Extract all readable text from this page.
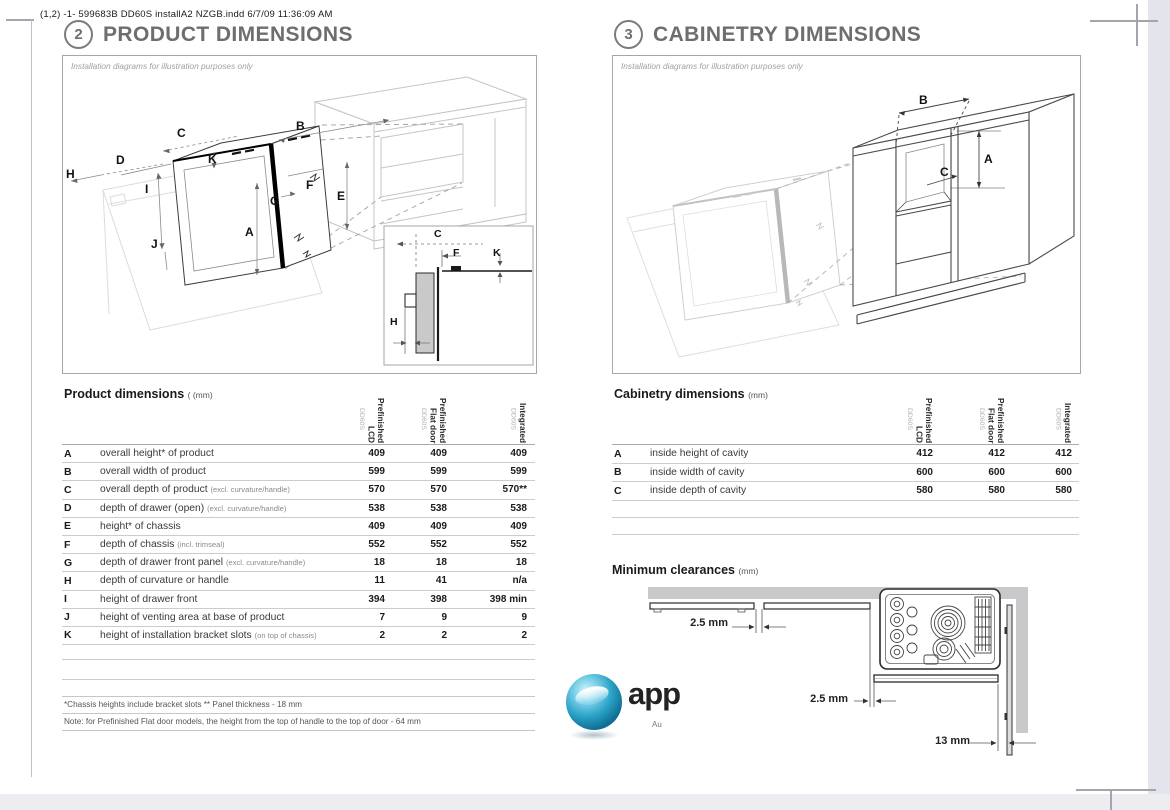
(1,2) -1- 599683B DD60S installA2 NZGB.indd 6/7/09 11:36:09 AM
2 PRODUCT DIMENSIONS
Installation diagrams for illustration purposes only
H
D
C
K
B
I	F
G	E
A
J
C
F	K
H
Product dimensions ( (mm)
Prefinished
LCD
DD60S	Prefinished
Flat door
DD60S	Integrated
DD60S
A	overall height* of product	409	409	409
B	overall width of product	599	599	599
C	overall depth of product (excl. curvature/handle)	570	570	570**
D	depth of drawer (open) (excl. curvature/handle)	538	538	538
E	height* of chassis	409	409	409
F	depth of chassis (incl. trimseal)	552	552	552
G	depth of drawer front panel (excl. curvature/handle)	18	18	18
H	depth of curvature or handle	11	41	n/a
I	height of drawer front	394	398	398 min
J	height of venting area at base of product	7	9	9
K	height of installation bracket slots (on top of chassis)	2	2	2
*Chassis heights include bracket slots ** Panel thickness - 18 mm
Note: for Prefinished Flat door models, the height from the top of handle to the top of door - 64 mm
3 CABINETRY DIMENSIONS
Installation diagrams for illustration purposes only
B
A
C
Cabinetry dimensions (mm)
Prefinished
LCD
DD60S	Prefinished
Flat door
DD60S	Integrated
DD60S
A	inside height of cavity	412	412	412
B	inside width of cavity	600	600	600
C	inside depth of cavity	580	580	580
Minimum clearances (mm)
2.5 mm
2.5 mm
13 mm
app
Au
